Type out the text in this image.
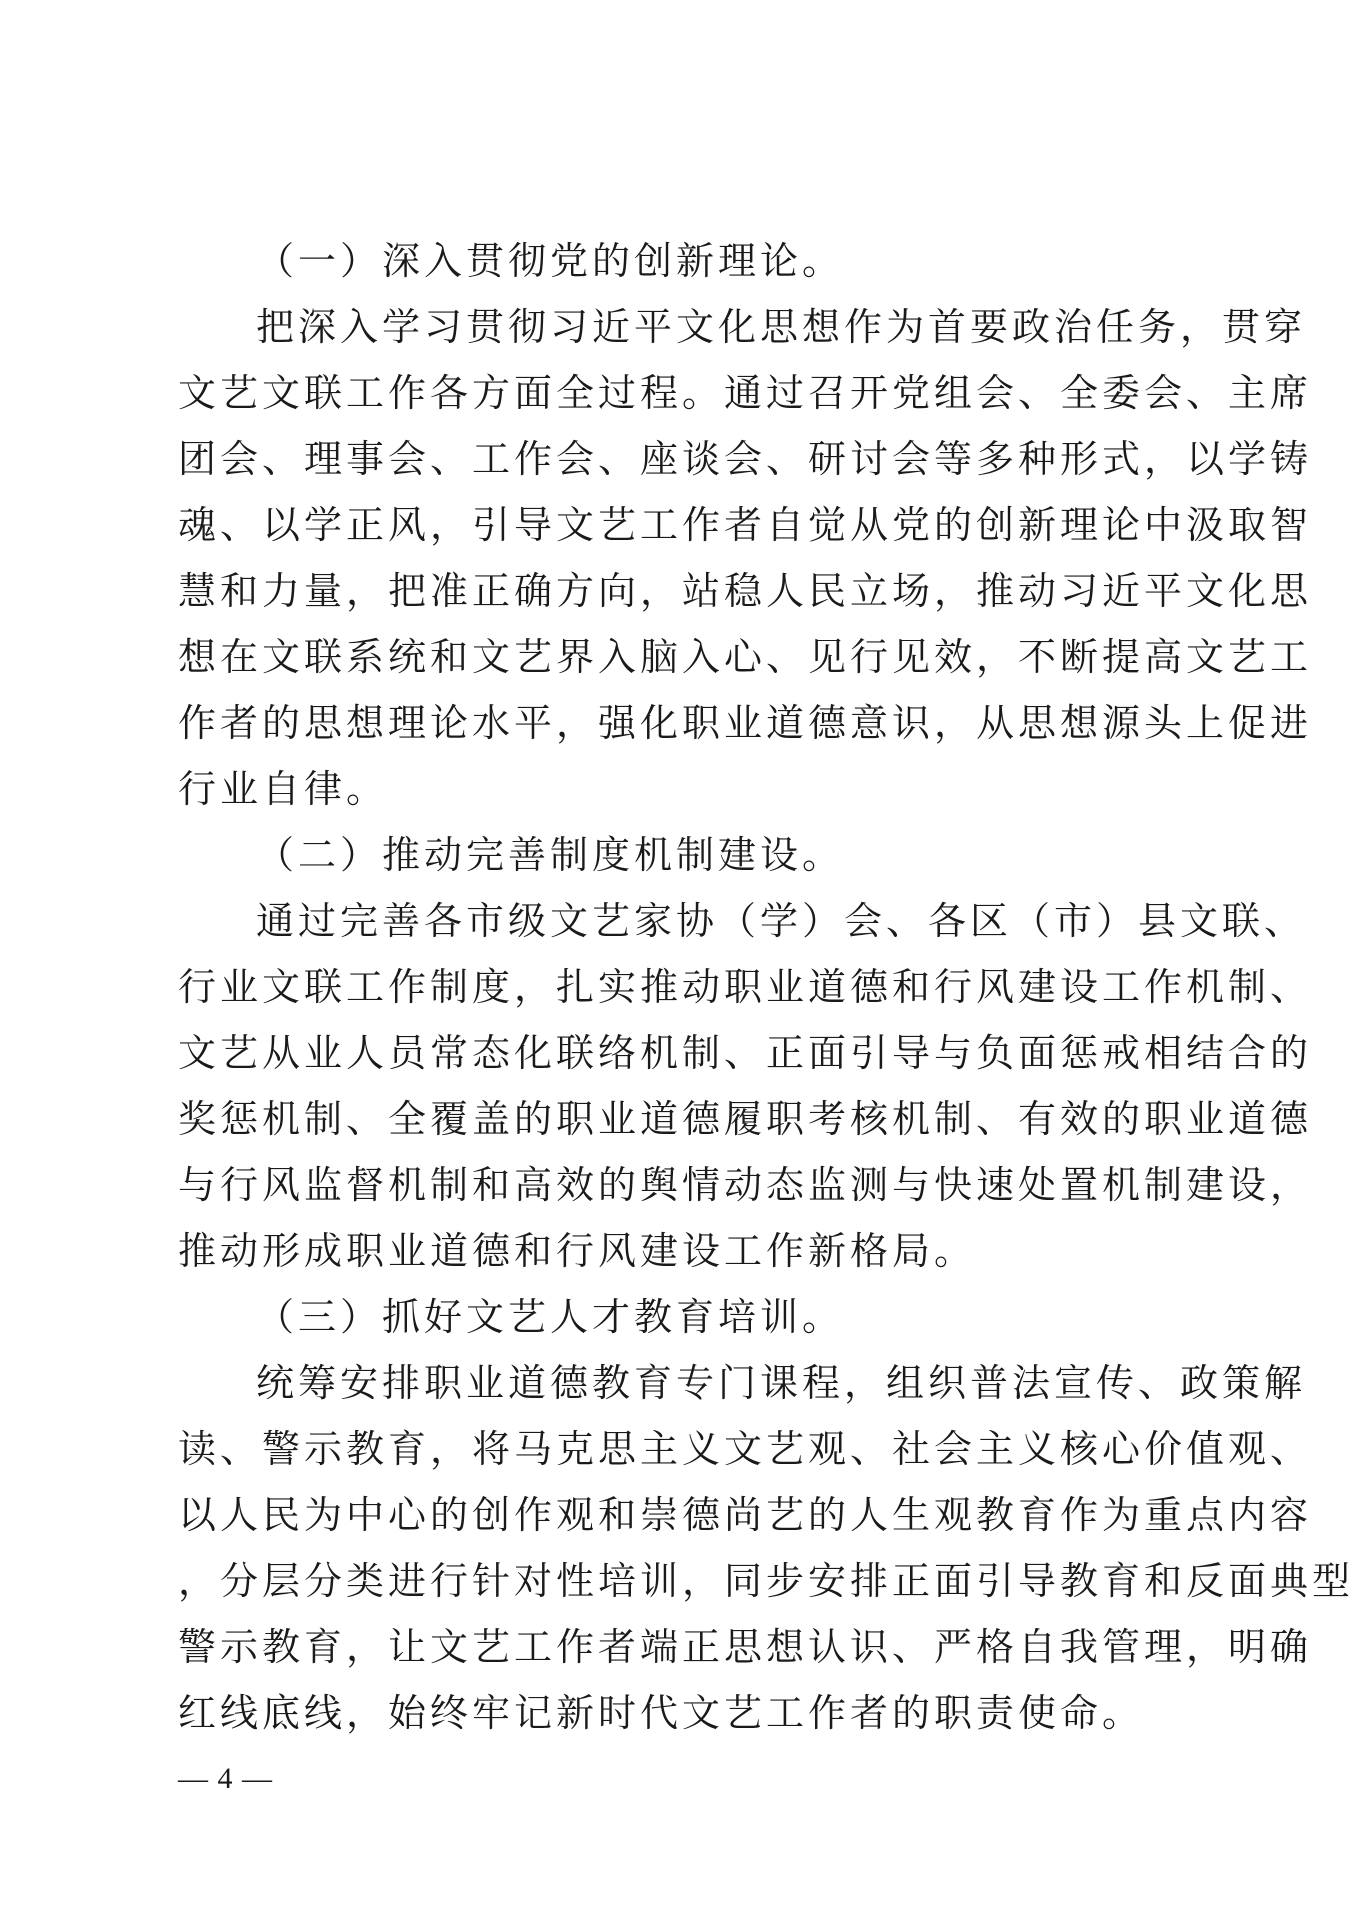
（一）深入贯彻党的创新理论。
把深入学习贯彻习近平文化思想作为首要政治任务，贯穿
文艺文联工作各方面全过程。通过召开党组会、全委会、主席
团会、理事会、工作会、座谈会、研讨会等多种形式，以学铸
魂、以学正风，引导文艺工作者自觉从党的创新理论中汲取智
慧和力量，把准正确方向，站稳人民立场，推动习近平文化思
想在文联系统和文艺界入脑入心、见行见效，不断提高文艺工
作者的思想理论水平，强化职业道德意识，从思想源头上促进
行业自律。
（二）推动完善制度机制建设。
通过完善各市级文艺家协（学）会、各区（市）县文联、
行业文联工作制度，扎实推动职业道德和行风建设工作机制、
文艺从业人员常态化联络机制、正面引导与负面惩戒相结合的
奖惩机制、全覆盖的职业道德履职考核机制、有效的职业道德
与行风监督机制和高效的舆情动态监测与快速处置机制建设，
推动形成职业道德和行风建设工作新格局。
（三）抓好文艺人才教育培训。
统筹安排职业道德教育专门课程，组织普法宣传、政策解
读、警示教育，将马克思主义文艺观、社会主义核心价值观、
以人民为中心的创作观和崇德尚艺的人生观教育作为重点内容
，分层分类进行针对性培训，同步安排正面引导教育和反面典型
警示教育，让文艺工作者端正思想认识、严格自我管理，明确
红线底线，始终牢记新时代文艺工作者的职责使命。
— 4 —
